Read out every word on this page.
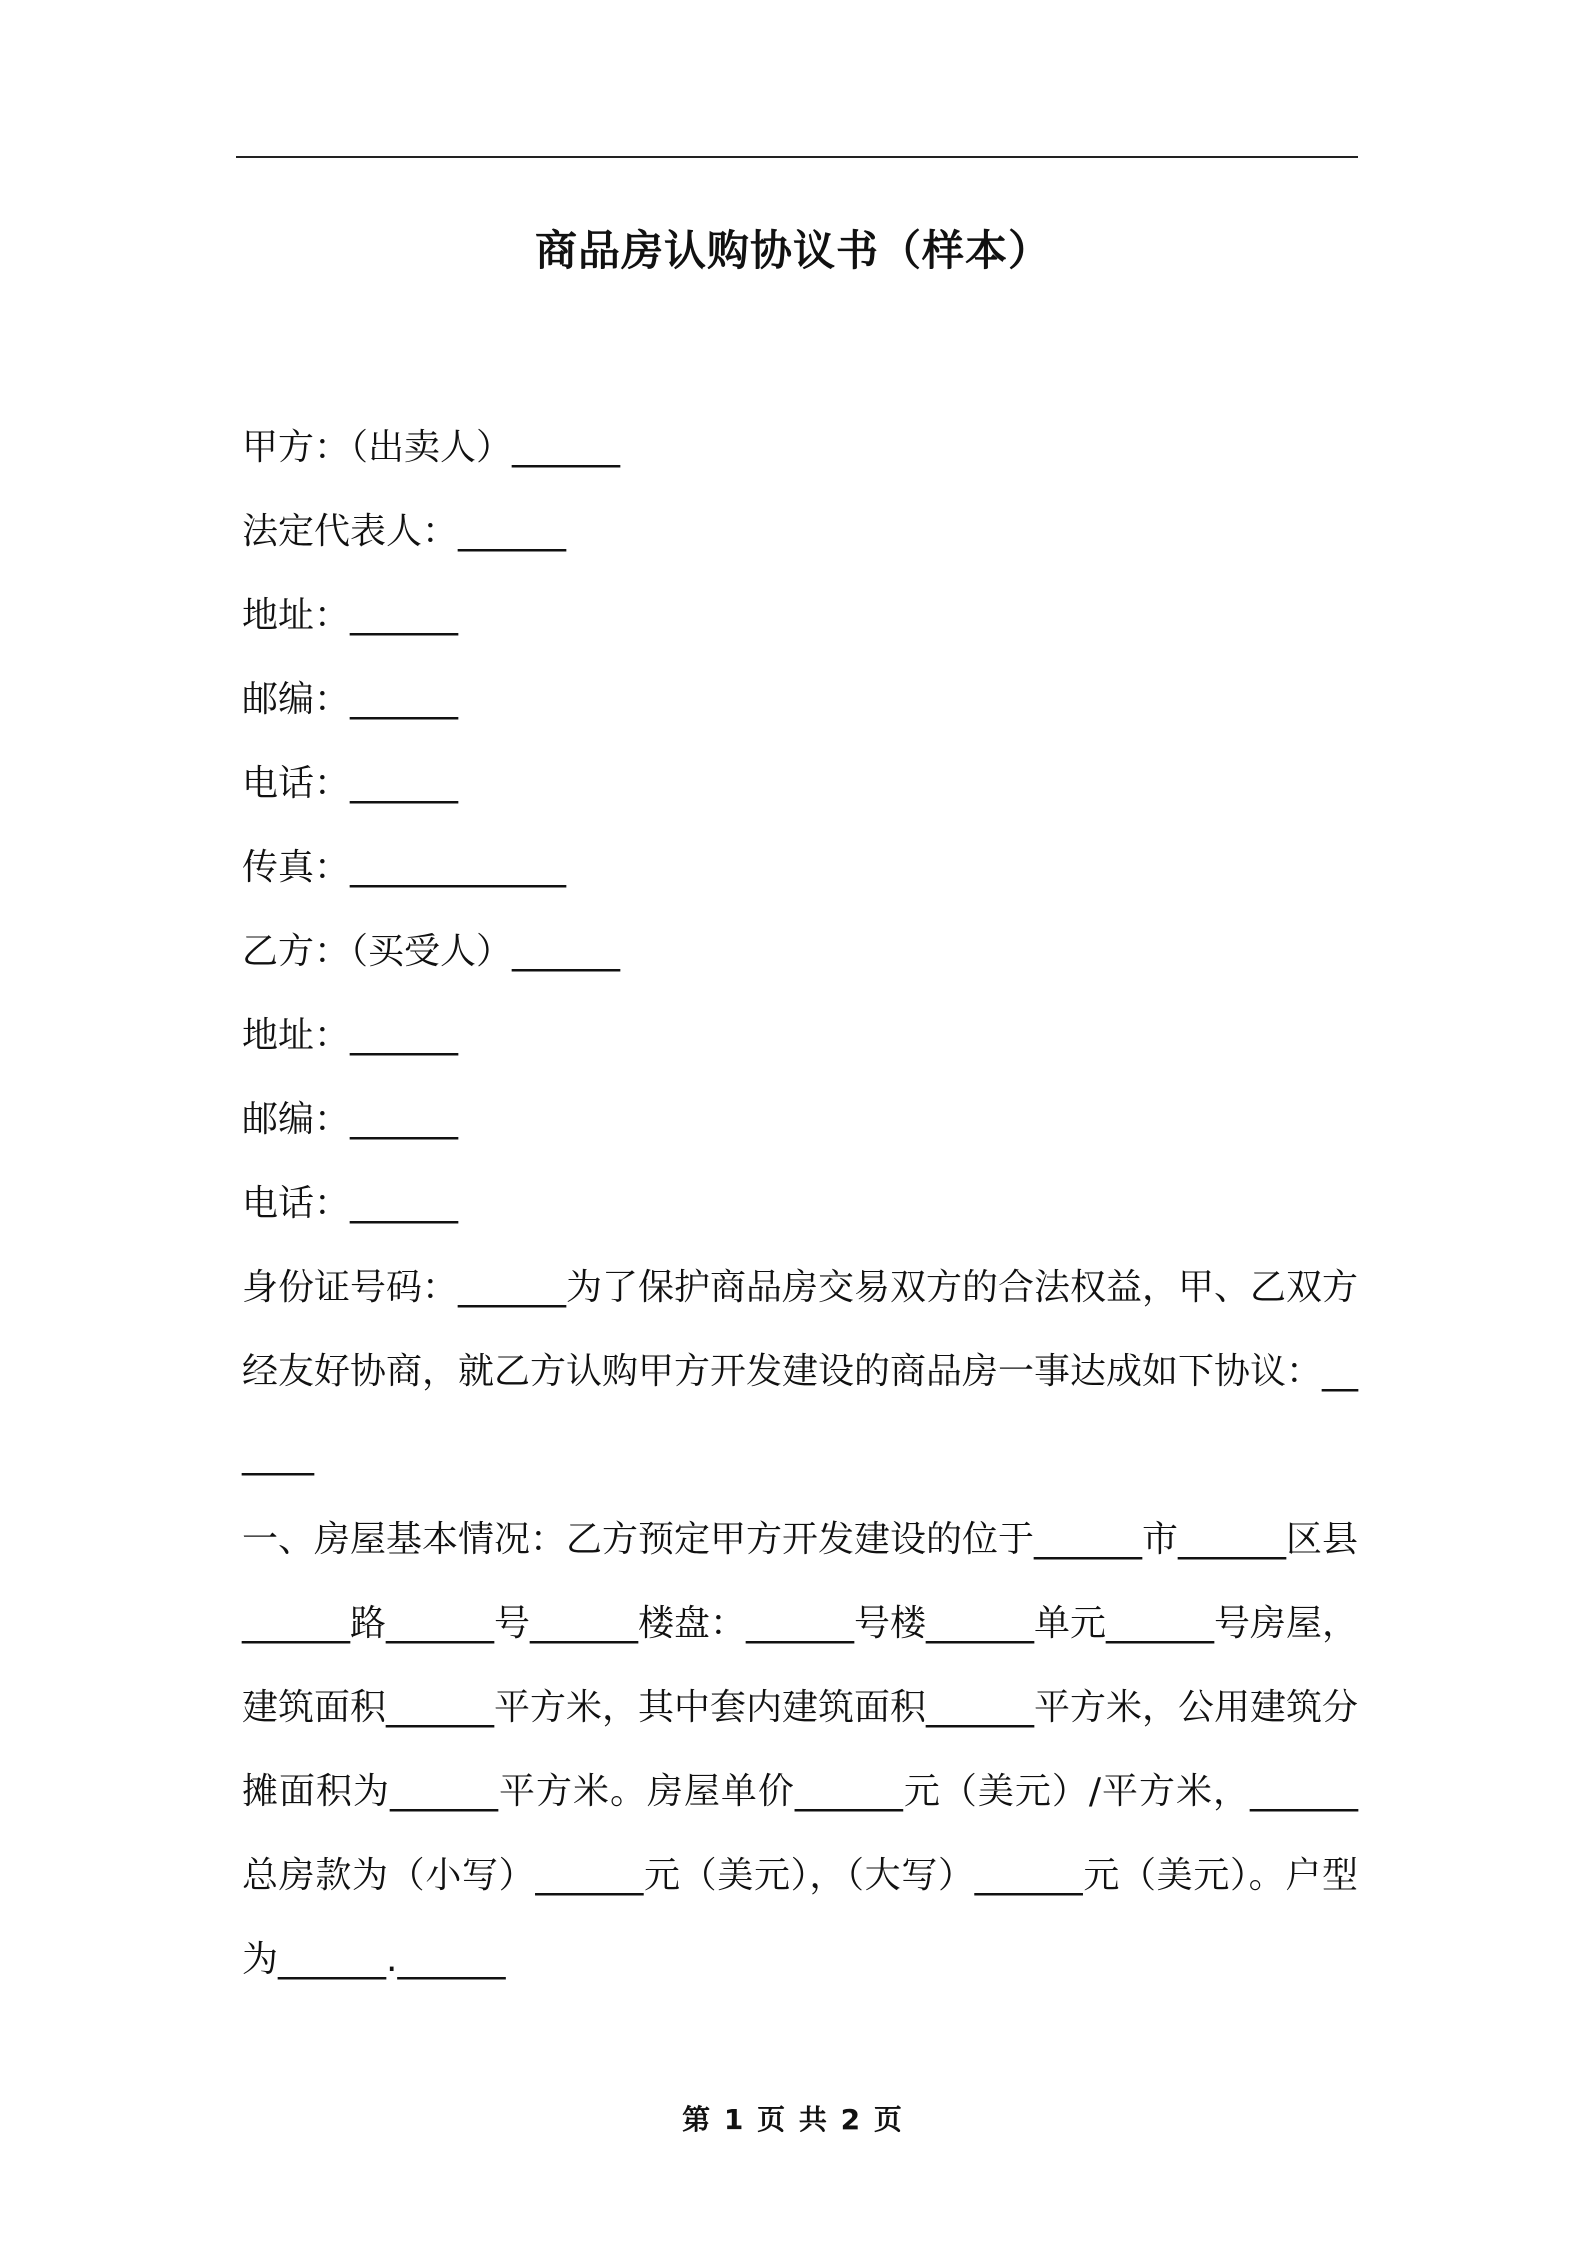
商品房认购协议书（样本）
甲方：（出卖人）______
法定代表人：______
地址：______
邮编：______
电话：______
传真：____________
乙方：（买受人）______
地址：______
邮编：______
电话：______

身份证号码：______为了保护商品房交易双方的合法权益，甲、乙双方经友好协商，就乙方认购甲方开发建设的商品房一事达成如下协议：______

一、房屋基本情况：乙方预定甲方开发建设的位于______市______区县______路______号______楼盘：______号楼______单元______号房屋，建筑面积______平方米，其中套内建筑面积______平方米，公用建筑分摊面积为______平方米。房屋单价______元（美元）/平方米，______总房款为（小写）______元（美元），（大写）______元（美元）。户型为______.______

第 1 页 共 2 页
